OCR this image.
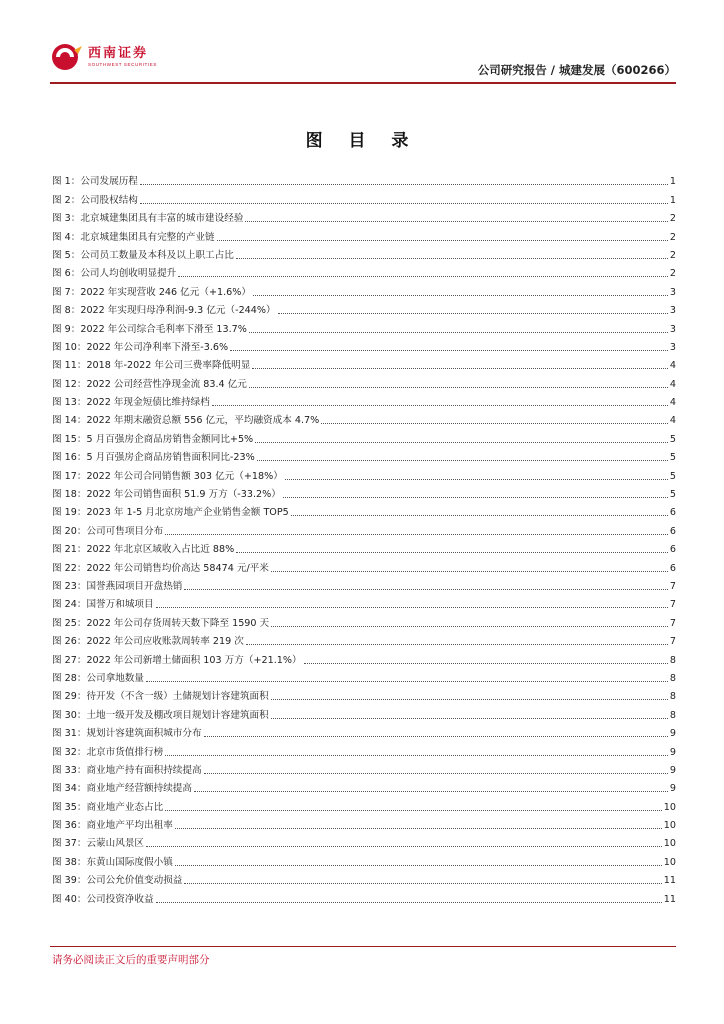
西南证券
SOUTHWEST SECURITIES	公司研究报告 / 城建发展（600266）
图 目 录
图 1：公司发展历程	1
图 2：公司股权结构	1
图 3：北京城建集团具有丰富的城市建设经验	2
图 4：北京城建集团具有完整的产业链	2
图 5：公司员工数量及本科及以上职工占比	2
图 6：公司人均创收明显提升	2
图 7：2022 年实现营收 246 亿元（+1.6%）	3
图 8：2022 年实现归母净利润-9.3 亿元（-244%）	3
图 9：2022 年公司综合毛利率下滑至 13.7%	3
图 10：2022 年公司净利率下滑至-3.6%	3
图 11：2018 年-2022 年公司三费率降低明显	4
图 12：2022 公司经营性净现金流 83.4 亿元	4
图 13：2022 年现金短债比维持绿档	4
图 14：2022 年期末融资总额 556 亿元，平均融资成本 4.7%	4
图 15：5 月百强房企商品房销售金额同比+5%	5
图 16：5 月百强房企商品房销售面积同比-23%	5
图 17：2022 年公司合同销售额 303 亿元（+18%）	5
图 18：2022 年公司销售面积 51.9 万方（-33.2%）	5
图 19：2023 年 1-5 月北京房地产企业销售金额 TOP5	6
图 20：公司可售项目分布	6
图 21：2022 年北京区域收入占比近 88%	6
图 22：2022 年公司销售均价高达 58474 元/平米	6
图 23：国誉燕园项目开盘热销	7
图 24：国誉万和城项目	7
图 25：2022 年公司存货周转天数下降至 1590 天	7
图 26：2022 年公司应收账款周转率 219 次	7
图 27：2022 年公司新增土储面积 103 万方（+21.1%）	8
图 28：公司拿地数量	8
图 29：待开发（不含一级）土储规划计容建筑面积	8
图 30：土地一级开发及棚改项目规划计容建筑面积	8
图 31：规划计容建筑面积城市分布	9
图 32：北京市货值排行榜	9
图 33：商业地产持有面积持续提高	9
图 34：商业地产经营额持续提高	9
图 35：商业地产业态占比	10
图 36：商业地产平均出租率	10
图 37：云蒙山风景区	10
图 38：东黄山国际度假小镇	10
图 39：公司公允价值变动损益	11
图 40：公司投资净收益	11
请务必阅读正文后的重要声明部分
